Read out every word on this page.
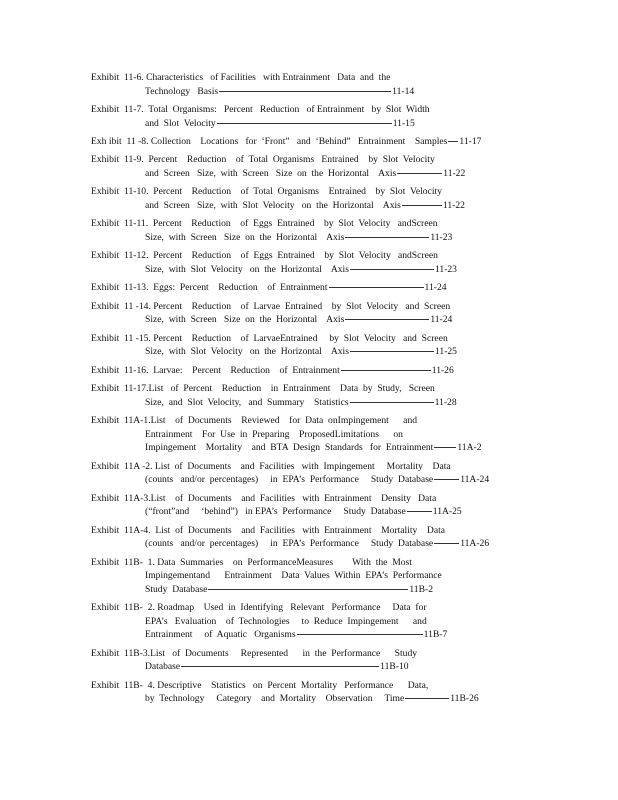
Exhibit  11-6. Characteristics   of Facilities   with Entrainment   Data  and  the
Technology   Basis	11-14
Exhibit  11-7.  Total  Organisms:   Percent   Reduction   of Entrainment   by  Slot  Width
and  Slot  Velocity	11-15
Exh ibit  11 -8. Collection    Locations   for  ‘Front”   and  ‘Behind”   Entrainment    Samples 11-17
Exhibit  11-9.  Percent    Reduction    of  Total  Organisms   Entrained    by  Slot  Velocity
and  Screen   Size,  with  Screen   Size  on  the  Horizontal    Axis	11-22
Exhibit  11-10.  Percent    Reduction    of  Total  Organisms    Entrained    by  Slot  Velocity
and  Screen   Size,  with  Slot  Velocity   on  the  Horizontal    Axis	11-22
Exhibit  11-11.  Percent    Reduction    of  Eggs  Entrained    by  Slot  Velocity   andScreen
Size,  with  Screen   Size  on  the  Horizontal    Axis	11-23
Exhibit  11-12.  Percent    Reduction    of  Eggs  Entrained    by  Slot  Velocity   andScreen
Size,  with  Slot  Velocity   on  the  Horizontal    Axis	11-23
Exhibit  11-13.  Eggs:  Percent    Reduction    of  Entrainment	11-24
Exhibit  11 -14. Percent    Reduction    of  Larvae  Entrained    by  Slot  Velocity   and  Screen
Size,  with  Screen   Size  on  the  Horizontal    Axis	11-24
Exhibit  11 -15. Percent    Reduction    of  LarvaeEntrained     by  Slot  Velocity   and  Screen
Size,  with  Slot  Velocity   on  the  Horizontal    Axis	11-25
Exhibit  11-16.  Larvae:    Percent    Reduction    of  Entrainment	11-26
Exhibit  11-17.List   of  Percent    Reduction    in  Entrainment    Data  by  Study,   Screen
Size,  and  Slot  Velocity,   and  Summary    Statistics	11-28
Exhibit  11A-1.List    of  Documents    Reviewed    for  Data  onImpingement      and
Entrainment    For  Use  in  Preparing    ProposedLimitations      on
Impingement    Mortality    and  BTA  Design  Standards   for  Entrainment	11A-2
Exhibit  11A -2. List  of  Documents    and  Facilities   with  Impingement     Mortality    Data
(counts   and/or  percentages)     in  EPA’s  Performance     Study  Database	11A-24
Exhibit  11A-3.List    of  Documents    and  Facilities   with  Entrainment    Density   Data
(“front”and     ‘behind”)   in EPA’s  Performance     Study  Database	11A-25
Exhibit  11A-4.  List  of  Documents    and  Facilities   with  Entrainment    Mortality    Data
(counts   and/or  percentages)     in  EPA’s  Performance     Study  Database	11A-26
Exhibit  11B-  1. Data  Summaries    on  PerformanceMeasures        With  the  Most
Impingementand      Entrainment    Data  Values  Within  EPA’s  Performance
Study  Database	11B-2
Exhibit  11B-  2. Roadmap    Used  in  Identifying   Relevant   Performance     Data  for
EPA’s   Evaluation    of  Technologies     to  Reduce  Impingement      and
Entrainment     of  Aquatic   Organisms	11B-7
Exhibit  11B-3.List   of  Documents     Represented      in  the  Performance      Study
Database	11B-10
Exhibit  11B-  4. Descriptive    Statistics   on  Percent  Mortality   Performance      Data,
by  Technology     Category    and  Mortality    Observation     Time	11B-26
